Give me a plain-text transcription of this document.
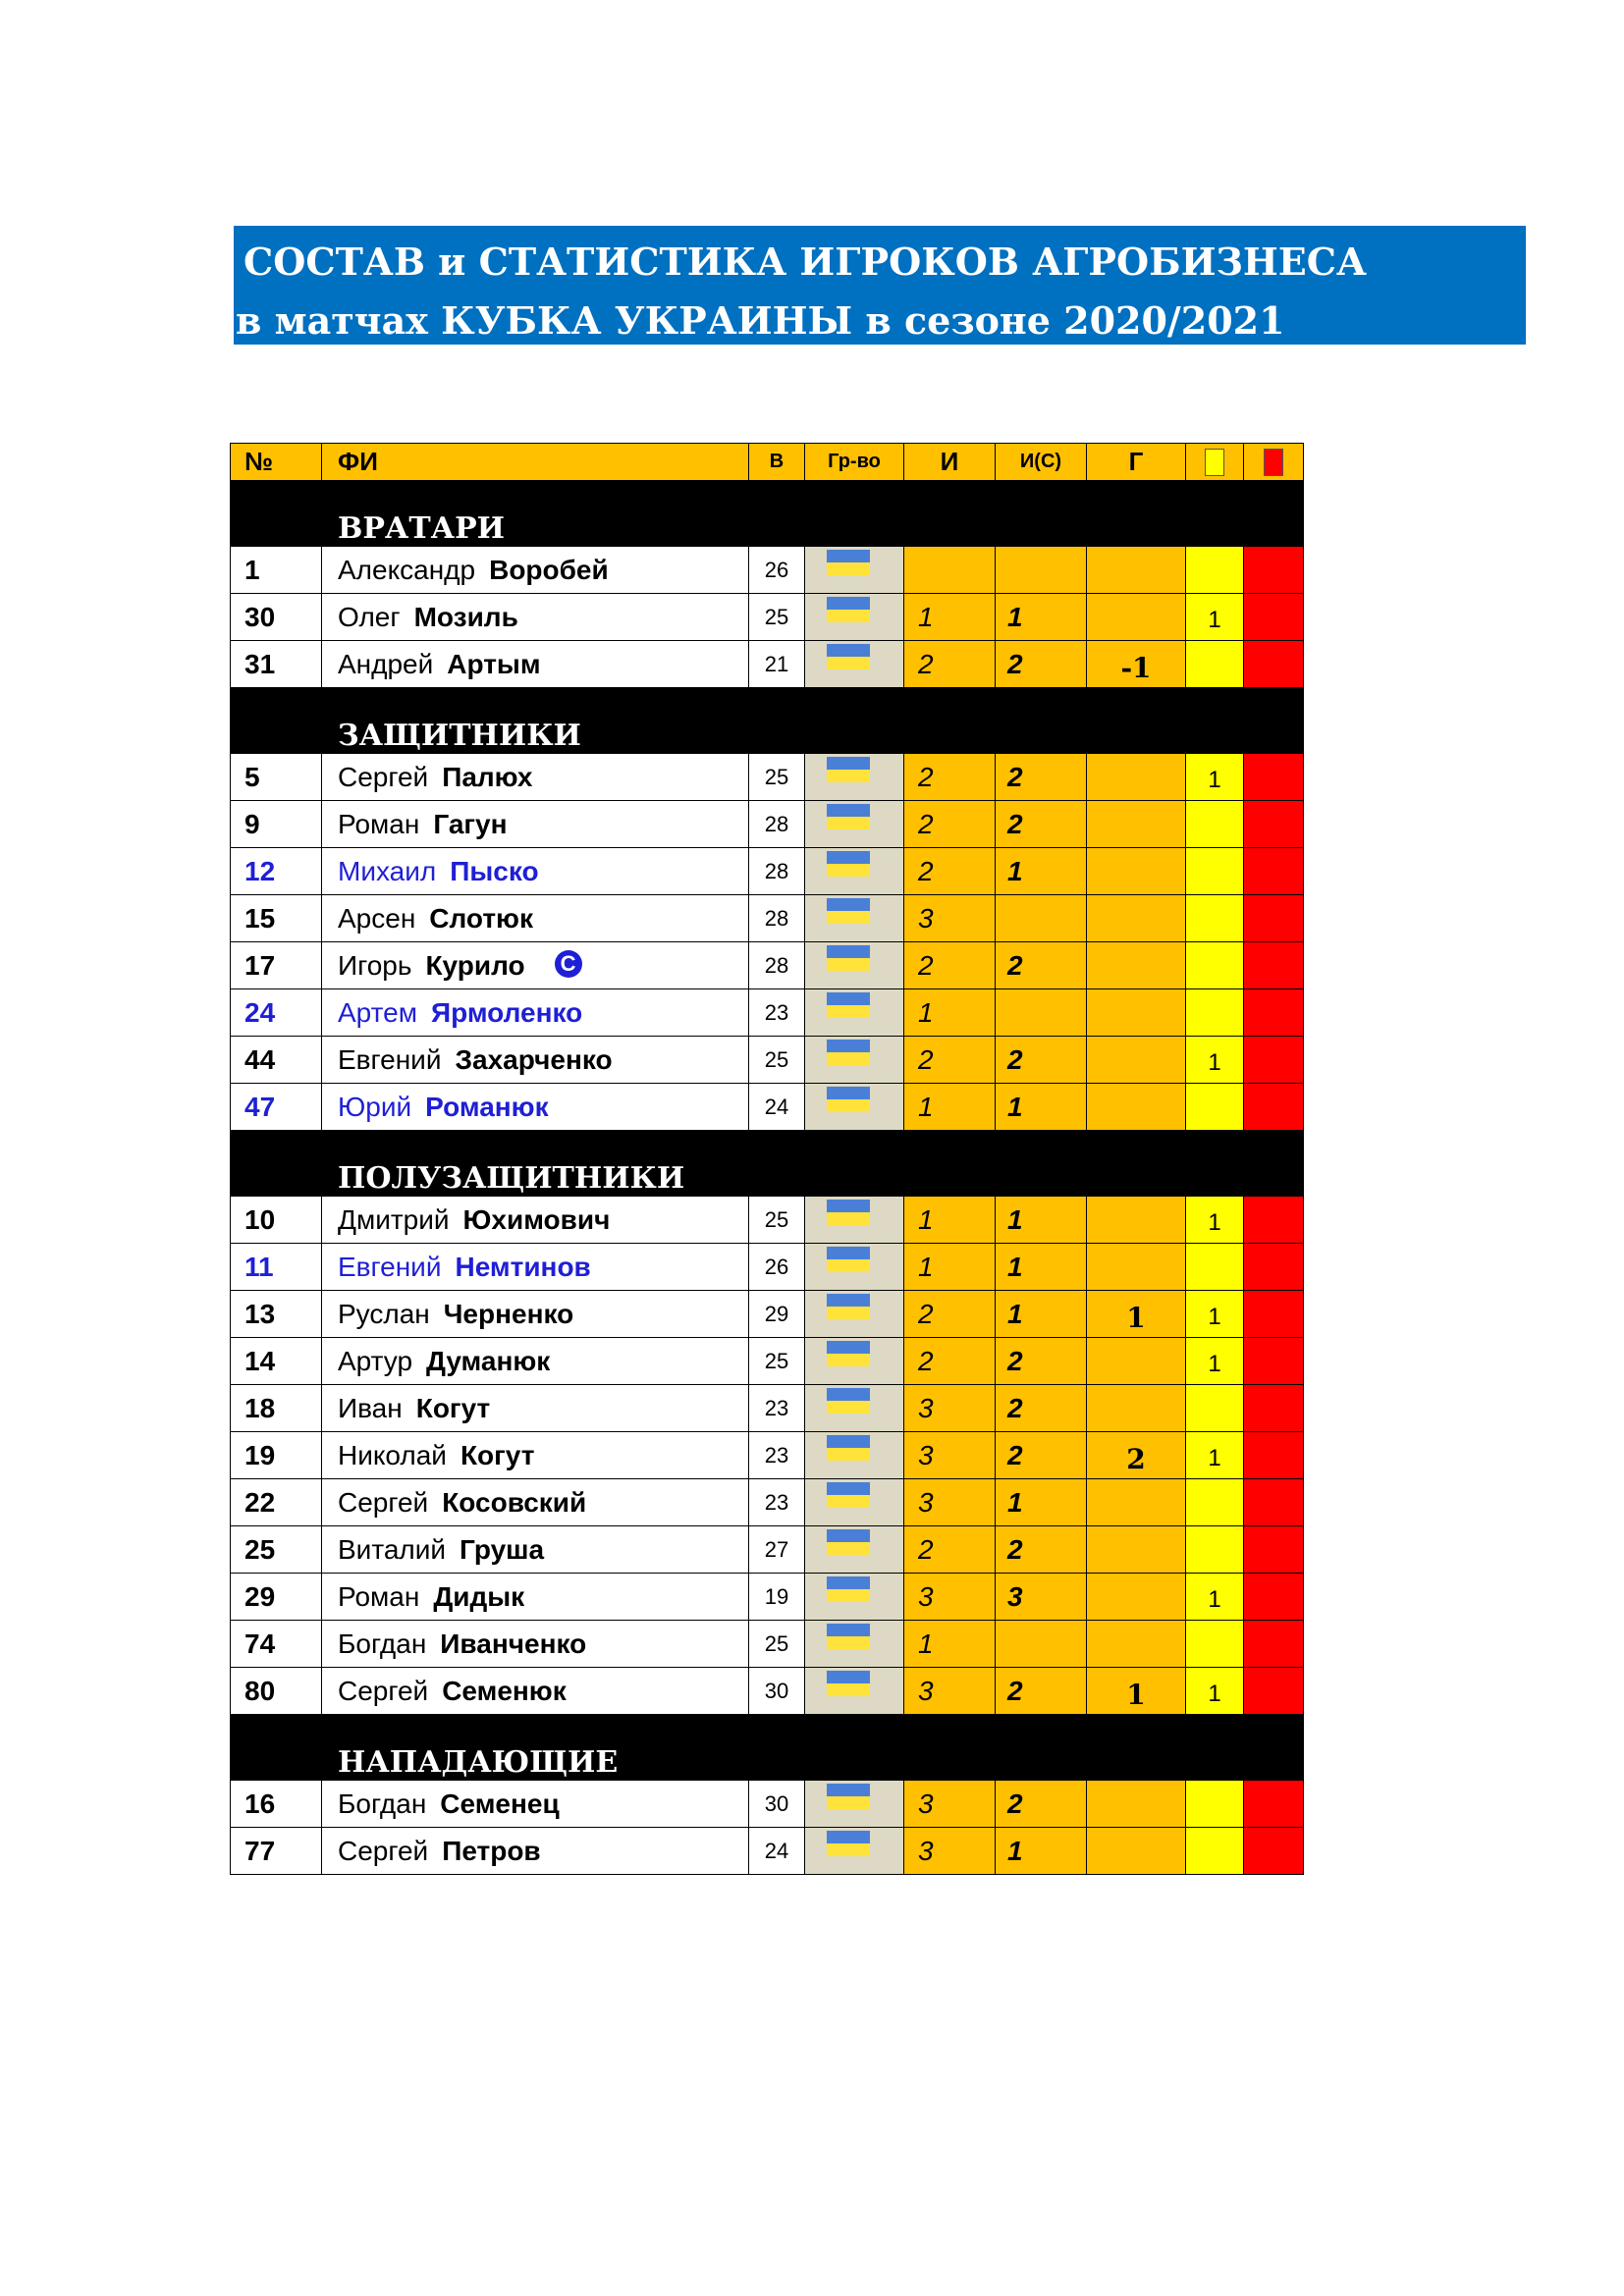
СОСТАВ и СТАТИСТИКА ИГРОКОВ АГРОБИЗНЕСА
в матчах КУБКА УКРАИНЫ в сезоне 2020/2021
№	ФИ	В	Гр-во	И	И(С)	Г		
	ВРАТАРИ							
1	Александр Воробей	26	

30	Олег Мозиль	25		1	1		1	
31	Андрей Артым	21		2	2	-1		
	ЗАЩИТНИКИ							
5	Сергей Палюх	25		2	2		1	
9	Роман Гагун	28		2	2			
12	Михаил Пыско	28		2	1			
15	Арсен Слотюк	28		3				
17	Игорь Курило C	28		2	2			
24	Артем Ярмоленко	23		1				
44	Евгений Захарченко	25		2	2		1	
47	Юрий Романюк	24		1	1			
	ПОЛУЗАЩИТНИКИ							
10	Дмитрий Юхимович	25		1	1		1	
11	Евгений Немтинов	26		1	1			
13	Руслан Черненко	29		2	1	1	1	
14	Артур Думанюк	25		2	2		1	
18	Иван Когут	23		3	2			
19	Николай Когут	23		3	2	2	1	
22	Сергей Косовский	23		3	1			
25	Виталий Груша	27		2	2			
29	Роман Дидык	19		3	3		1	
74	Богдан Иванченко	25		1				
80	Сергей Семенюк	30		3	2	1	1	
	НАПАДАЮЩИЕ							
16	Богдан Семенец	30		3	2			
77	Сергей Петров	24		3	1			
